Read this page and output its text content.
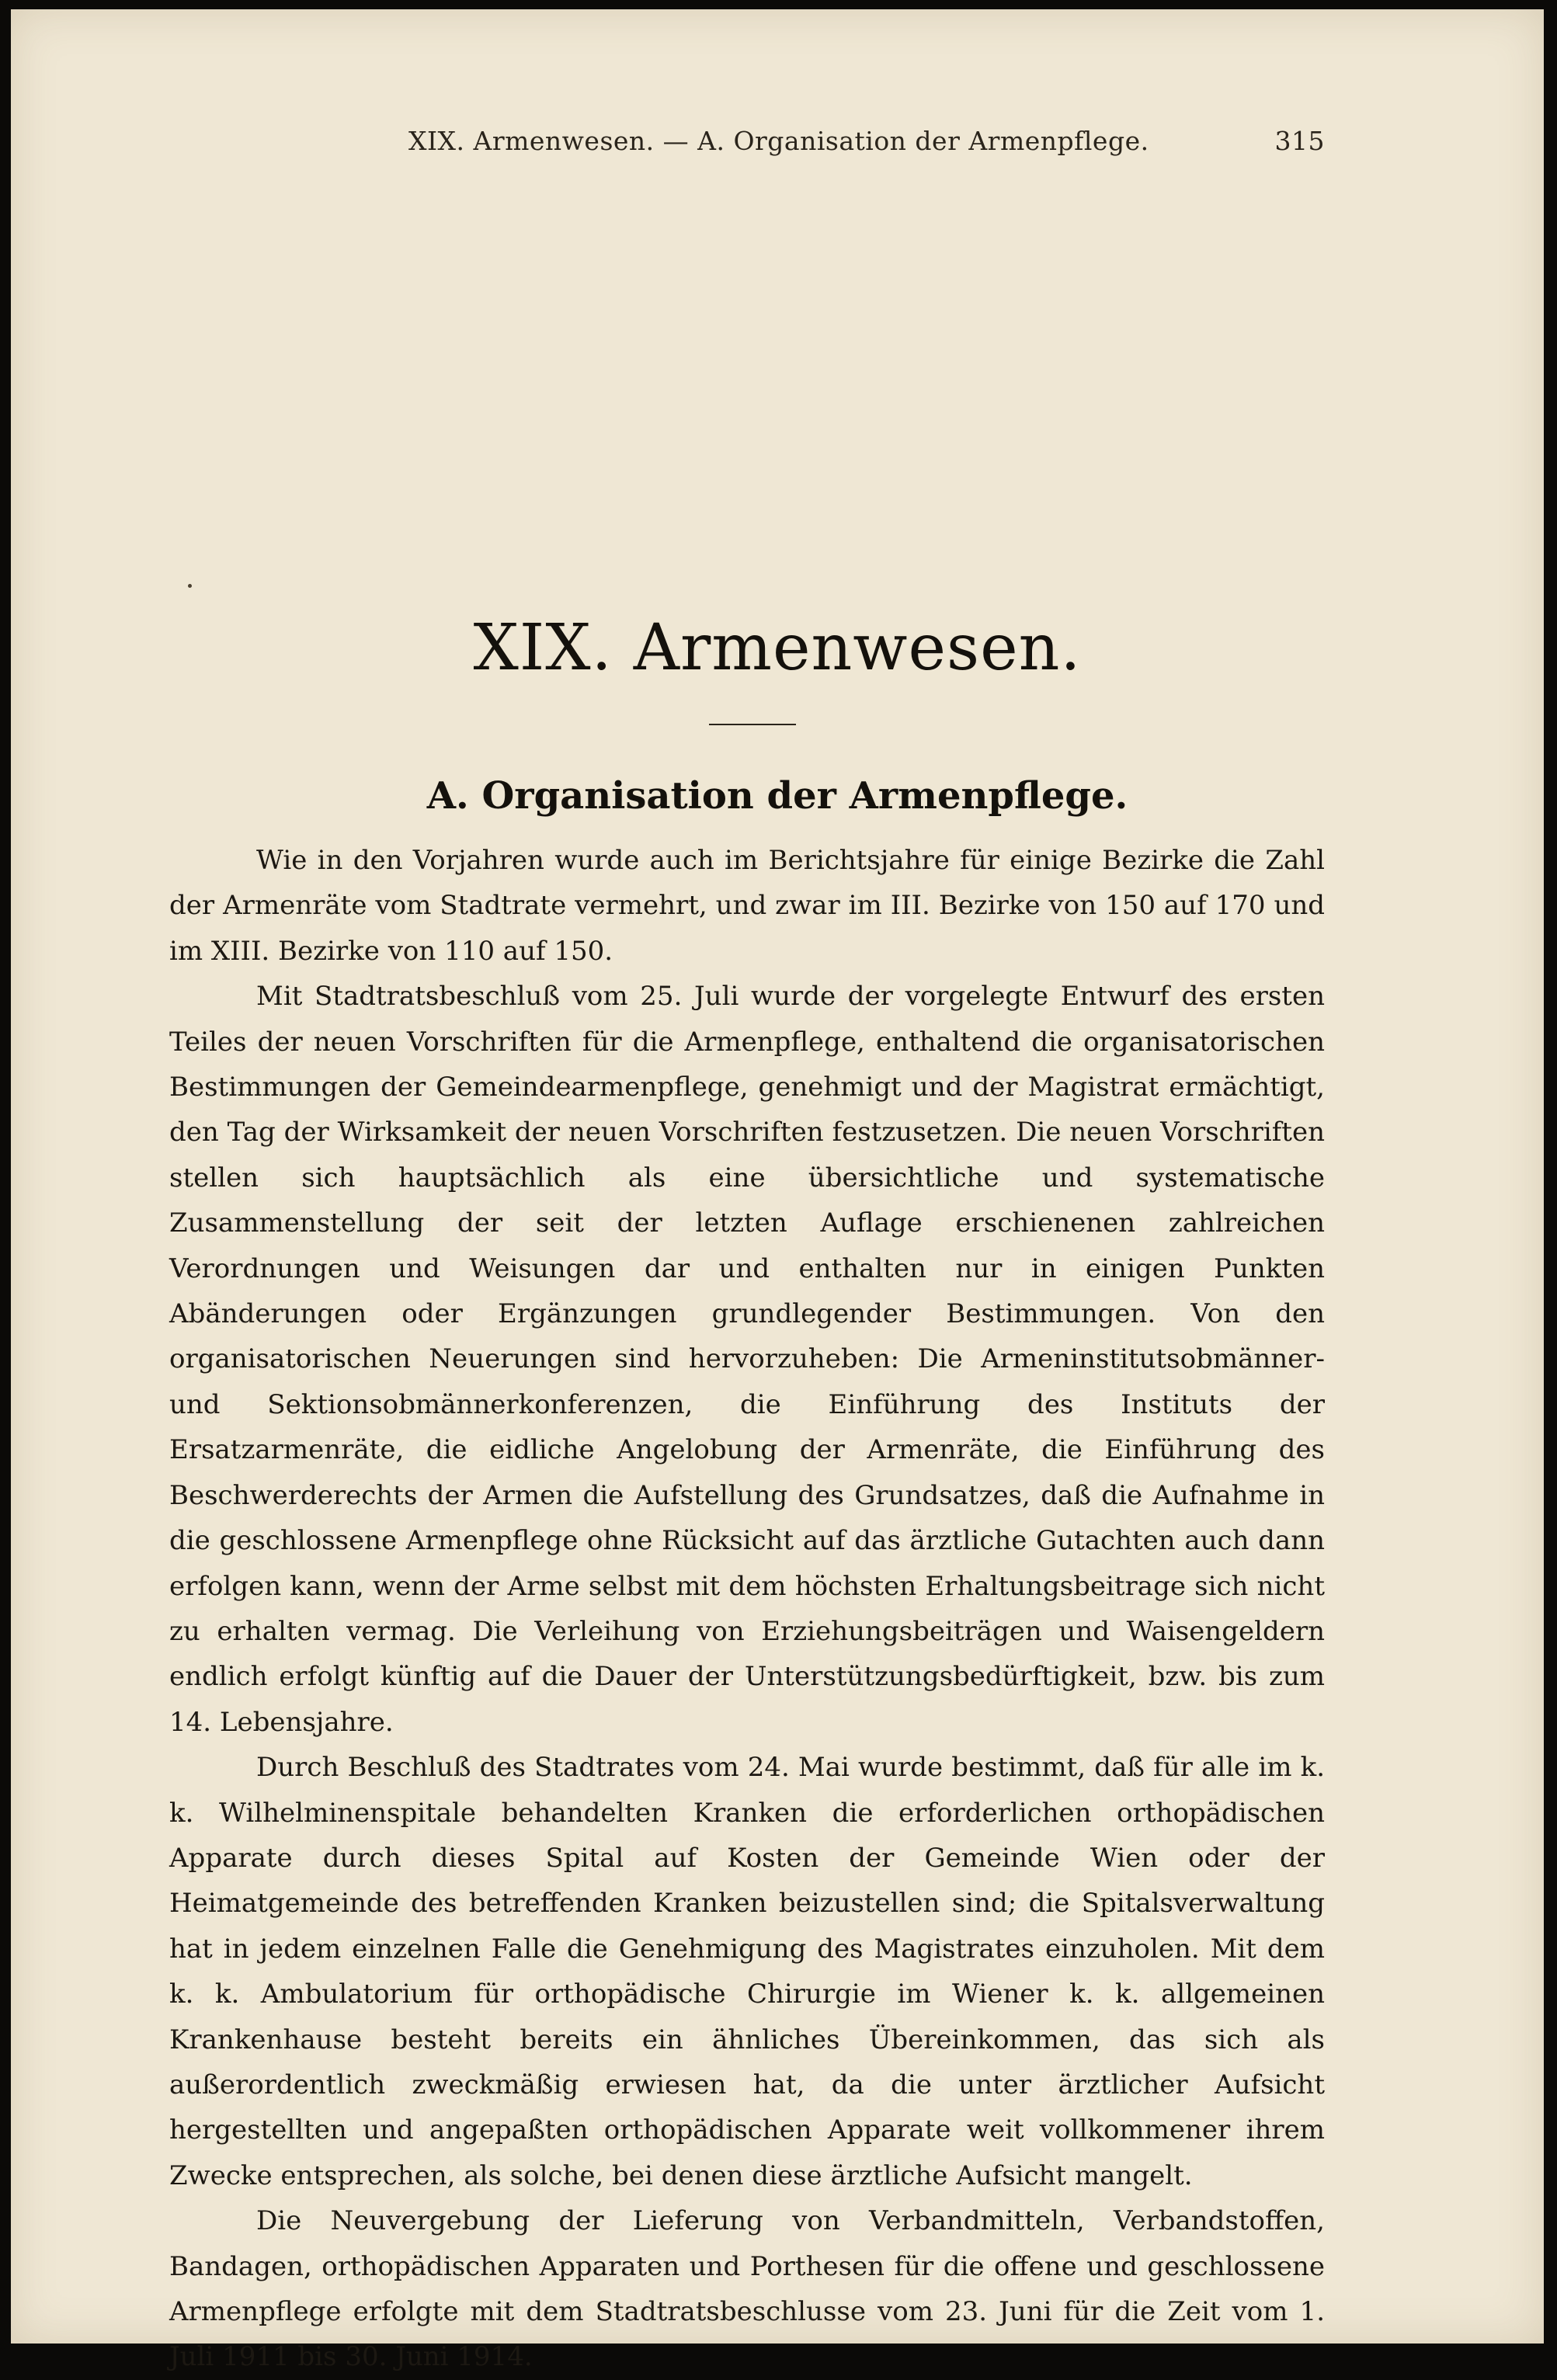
XIX. Armenwesen. — A. Organisation der Armenpflege.	315
XIX. Armenwesen.
A. Organisation der Armenpflege.

Wie in den Vorjahren wurde auch im Berichtsjahre für einige Bezirke die Zahl der Armenräte vom Stadtrate vermehrt, und zwar im III. Bezirke von 150 auf 170 und im XIII. Bezirke von 110 auf 150.

Mit Stadtratsbeschluß vom 25. Juli wurde der vorgelegte Entwurf des ersten Teiles der neuen Vorschriften für die Armenpflege, enthaltend die organisatorischen Bestimmungen der Gemeindearmenpflege, genehmigt und der Magistrat ermächtigt, den Tag der Wirksamkeit der neuen Vorschriften festzusetzen. Die neuen Vorschriften stellen sich hauptsächlich als eine übersichtliche und systematische Zusammenstellung der seit der letzten Auflage erschienenen zahlreichen Verordnungen und Weisungen dar und enthalten nur in einigen Punkten Abänderungen oder Ergänzungen grundlegender Bestimmungen. Von den organisatorischen Neuerungen sind hervorzuheben: Die Armeninstitutsobmänner- und Sektionsobmännerkonferenzen, die Einführung des Instituts der Ersatzarmenräte, die eidliche Angelobung der Armenräte, die Einführung des Beschwerderechts der Armen die Aufstellung des Grundsatzes, daß die Aufnahme in die geschlossene Armenpflege ohne Rücksicht auf das ärztliche Gutachten auch dann erfolgen kann, wenn der Arme selbst mit dem höchsten Erhaltungsbeitrage sich nicht zu erhalten vermag. Die Verleihung von Erziehungsbeiträgen und Waisengeldern endlich erfolgt künftig auf die Dauer der Unterstützungsbedürftigkeit, bzw. bis zum 14. Lebensjahre.

Durch Beschluß des Stadtrates vom 24. Mai wurde bestimmt, daß für alle im k. k. Wilhelminenspitale behandelten Kranken die erforderlichen orthopädischen Apparate durch dieses Spital auf Kosten der Gemeinde Wien oder der Heimatgemeinde des betreffenden Kranken beizustellen sind; die Spitalsverwaltung hat in jedem einzelnen Falle die Genehmigung des Magistrates einzuholen. Mit dem k. k. Ambulatorium für orthopädische Chirurgie im Wiener k. k. allgemeinen Krankenhause besteht bereits ein ähnliches Übereinkommen, das sich als außerordentlich zweckmäßig erwiesen hat, da die unter ärztlicher Aufsicht hergestellten und angepaßten orthopädischen Apparate weit vollkommener ihrem Zwecke entsprechen, als solche, bei denen diese ärztliche Aufsicht mangelt.

Die Neuvergebung der Lieferung von Verbandmitteln, Verbandstoffen, Bandagen, orthopädischen Apparaten und Porthesen für die offene und geschlossene Armenpflege erfolgte mit dem Stadtratsbeschlusse vom 23. Juni für die Zeit vom 1. Juli 1911 bis 30. Juni 1914.
